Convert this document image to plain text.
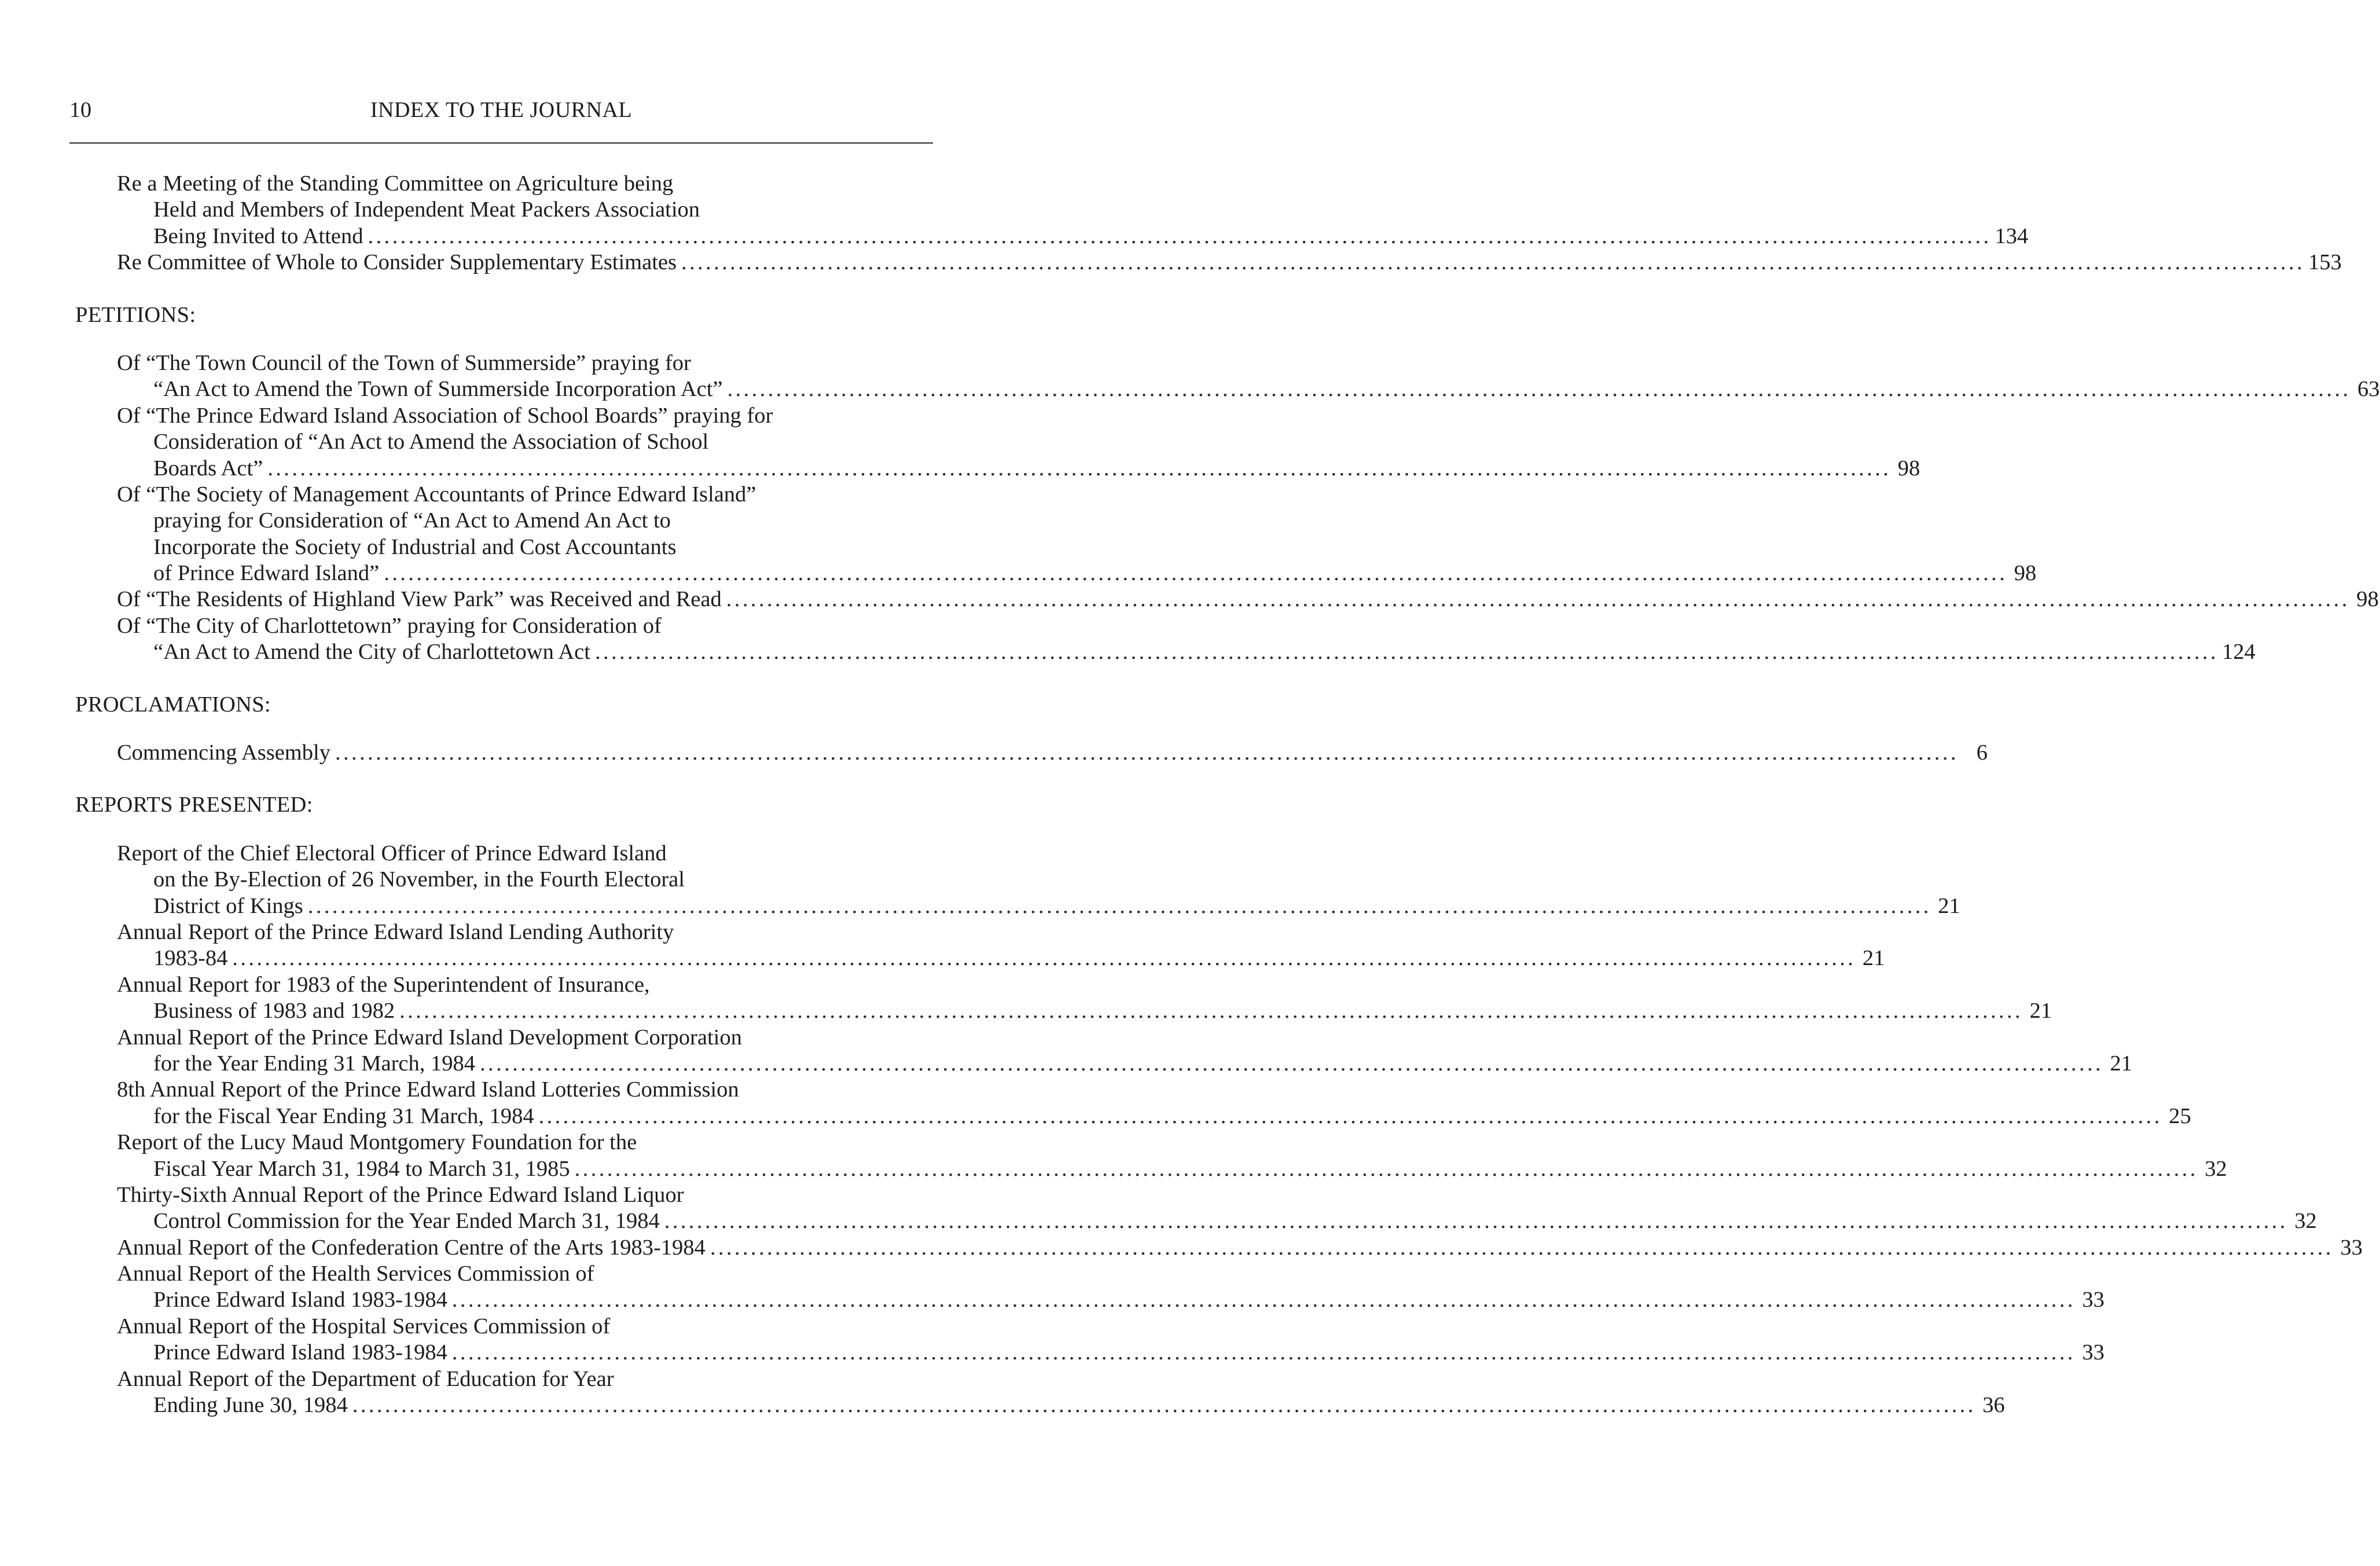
10	INDEX TO THE JOURNAL
Re a Meeting of the Standing Committee on Agriculture being
Held and Members of Independent Meat Packers Association
Being Invited to Attend ........................................................................................................................................................................................................ 134
Re Committee of Whole to Consider Supplementary Estimates ........................................................................................................................................................................................................ 153
PETITIONS:
Of “The Town Council of the Town of Summerside” praying for
“An Act to Amend the Town of Summerside Incorporation Act” ........................................................................................................................................................................................................ 63
Of “The Prince Edward Island Association of School Boards” praying for
Consideration of “An Act to Amend the Association of School
Boards Act” ........................................................................................................................................................................................................ 98
Of “The Society of Management Accountants of Prince Edward Island”
praying for Consideration of “An Act to Amend An Act to
Incorporate the Society of Industrial and Cost Accountants
of Prince Edward Island” ........................................................................................................................................................................................................ 98
Of “The Residents of Highland View Park” was Received and Read ........................................................................................................................................................................................................ 98
Of “The City of Charlottetown” praying for Consideration of
“An Act to Amend the City of Charlottetown Act ........................................................................................................................................................................................................ 124
PROCLAMATIONS:
Commencing Assembly ........................................................................................................................................................................................................ 6
REPORTS PRESENTED:
Report of the Chief Electoral Officer of Prince Edward Island
on the By-Election of 26 November, in the Fourth Electoral
District of Kings ........................................................................................................................................................................................................ 21
Annual Report of the Prince Edward Island Lending Authority
1983-84 ........................................................................................................................................................................................................ 21
Annual Report for 1983 of the Superintendent of Insurance,
Business of 1983 and 1982 ........................................................................................................................................................................................................ 21
Annual Report of the Prince Edward Island Development Corporation
for the Year Ending 31 March, 1984 ........................................................................................................................................................................................................ 21
8th Annual Report of the Prince Edward Island Lotteries Commission
for the Fiscal Year Ending 31 March, 1984 ........................................................................................................................................................................................................ 25
Report of the Lucy Maud Montgomery Foundation for the
Fiscal Year March 31, 1984 to March 31, 1985 ........................................................................................................................................................................................................ 32
Thirty-Sixth Annual Report of the Prince Edward Island Liquor
Control Commission for the Year Ended March 31, 1984 ........................................................................................................................................................................................................ 32
Annual Report of the Confederation Centre of the Arts 1983-1984 ........................................................................................................................................................................................................ 33
Annual Report of the Health Services Commission of
Prince Edward Island 1983-1984 ........................................................................................................................................................................................................ 33
Annual Report of the Hospital Services Commission of
Prince Edward Island 1983-1984 ........................................................................................................................................................................................................ 33
Annual Report of the Department of Education for Year
Ending June 30, 1984 ........................................................................................................................................................................................................ 36
